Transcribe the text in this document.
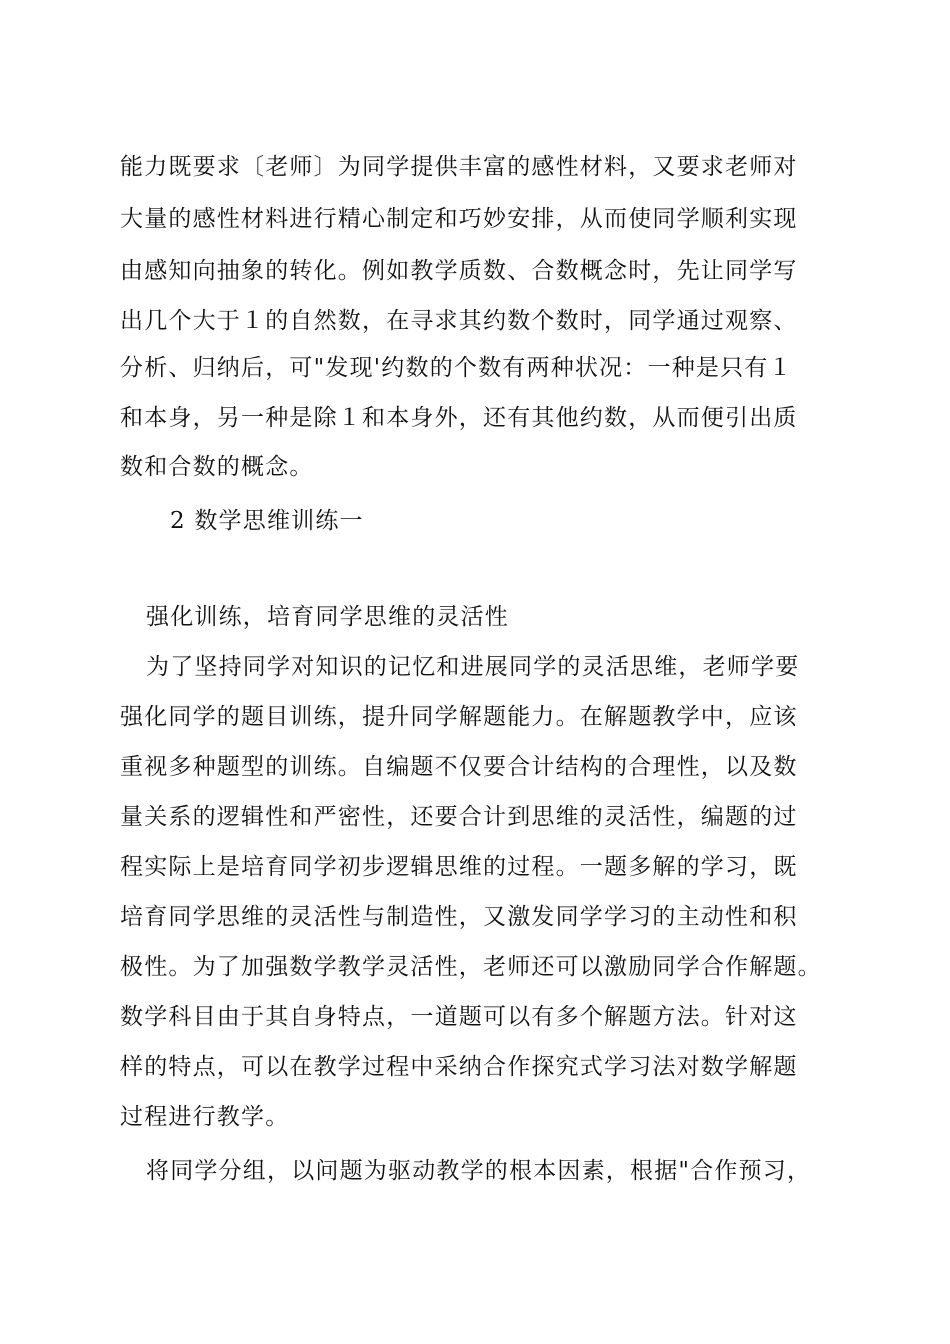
能力既要求〔老师〕为同学提供丰富的感性材料，又要求老师对
大量的感性材料进行精心制定和巧妙安排，从而使同学顺利实现
由感知向抽象的转化。例如教学质数、合数概念时，先让同学写
出几个大于１的自然数，在寻求其约数个数时，同学通过观察、
分析、归纳后，可"发现'约数的个数有两种状况：一种是只有１
和本身，另一种是除１和本身外，还有其他约数，从而便引出质
数和合数的概念。
2 数学思维训练一
强化训练，培育同学思维的灵活性
为了坚持同学对知识的记忆和进展同学的灵活思维，老师学要
强化同学的题目训练，提升同学解题能力。在解题教学中，应该
重视多种题型的训练。自编题不仅要合计结构的合理性，以及数
量关系的逻辑性和严密性，还要合计到思维的灵活性，编题的过
程实际上是培育同学初步逻辑思维的过程。一题多解的学习，既
培育同学思维的灵活性与制造性，又激发同学学习的主动性和积
极性。为了加强数学教学灵活性，老师还可以激励同学合作解题。
数学科目由于其自身特点，一道题可以有多个解题方法。针对这
样的特点，可以在教学过程中采纳合作探究式学习法对数学解题
过程进行教学。
将同学分组，以问题为驱动教学的根本因素，根据"合作预习，
